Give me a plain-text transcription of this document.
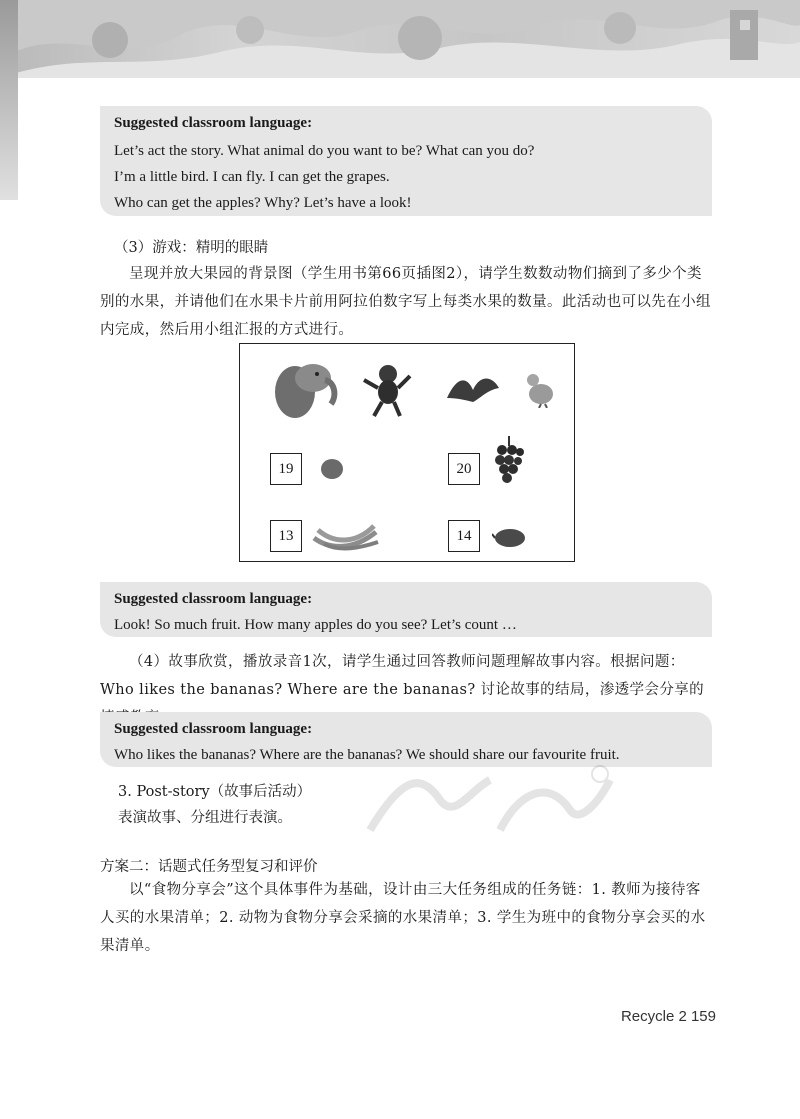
Suggested classroom language:
Let’s act the story. What animal do you want to be? What can you do?
I’m a little bird. I can fly. I can get the grapes.
Who can get the apples? Why? Let’s have a look!
（3）游戏：精明的眼睛
呈现并放大果园的背景图（学生用书第66页插图2），请学生数数动物们摘到了多少个类别的水果，并请他们在水果卡片前用阿拉伯数字写上每类水果的数量。此活动也可以先在小组内完成，然后用小组汇报的方式进行。
19	20
13	14
Suggested classroom language:
Look! So much fruit. How many apples do you see? Let’s count …
（4）故事欣赏，播放录音1次，请学生通过回答教师问题理解故事内容。根据问题：Who likes the bananas? Where are the bananas? 讨论故事的结局，渗透学会分享的
Suggested classroom language:
Who likes the bananas? Where are the bananas? We should share our favourite fruit.
3. Post-story（故事后活动）
表演故事、分组进行表演。
方案二：话题式任务型复习和评价
以“食物分享会”这个具体事件为基础，设计由三大任务组成的任务链：1. 教师为接待客人买的水果清单；2. 动物为食物分享会采摘的水果清单；3. 学生为班中的食物分享会买的水果清单。
Recycle 2 159
